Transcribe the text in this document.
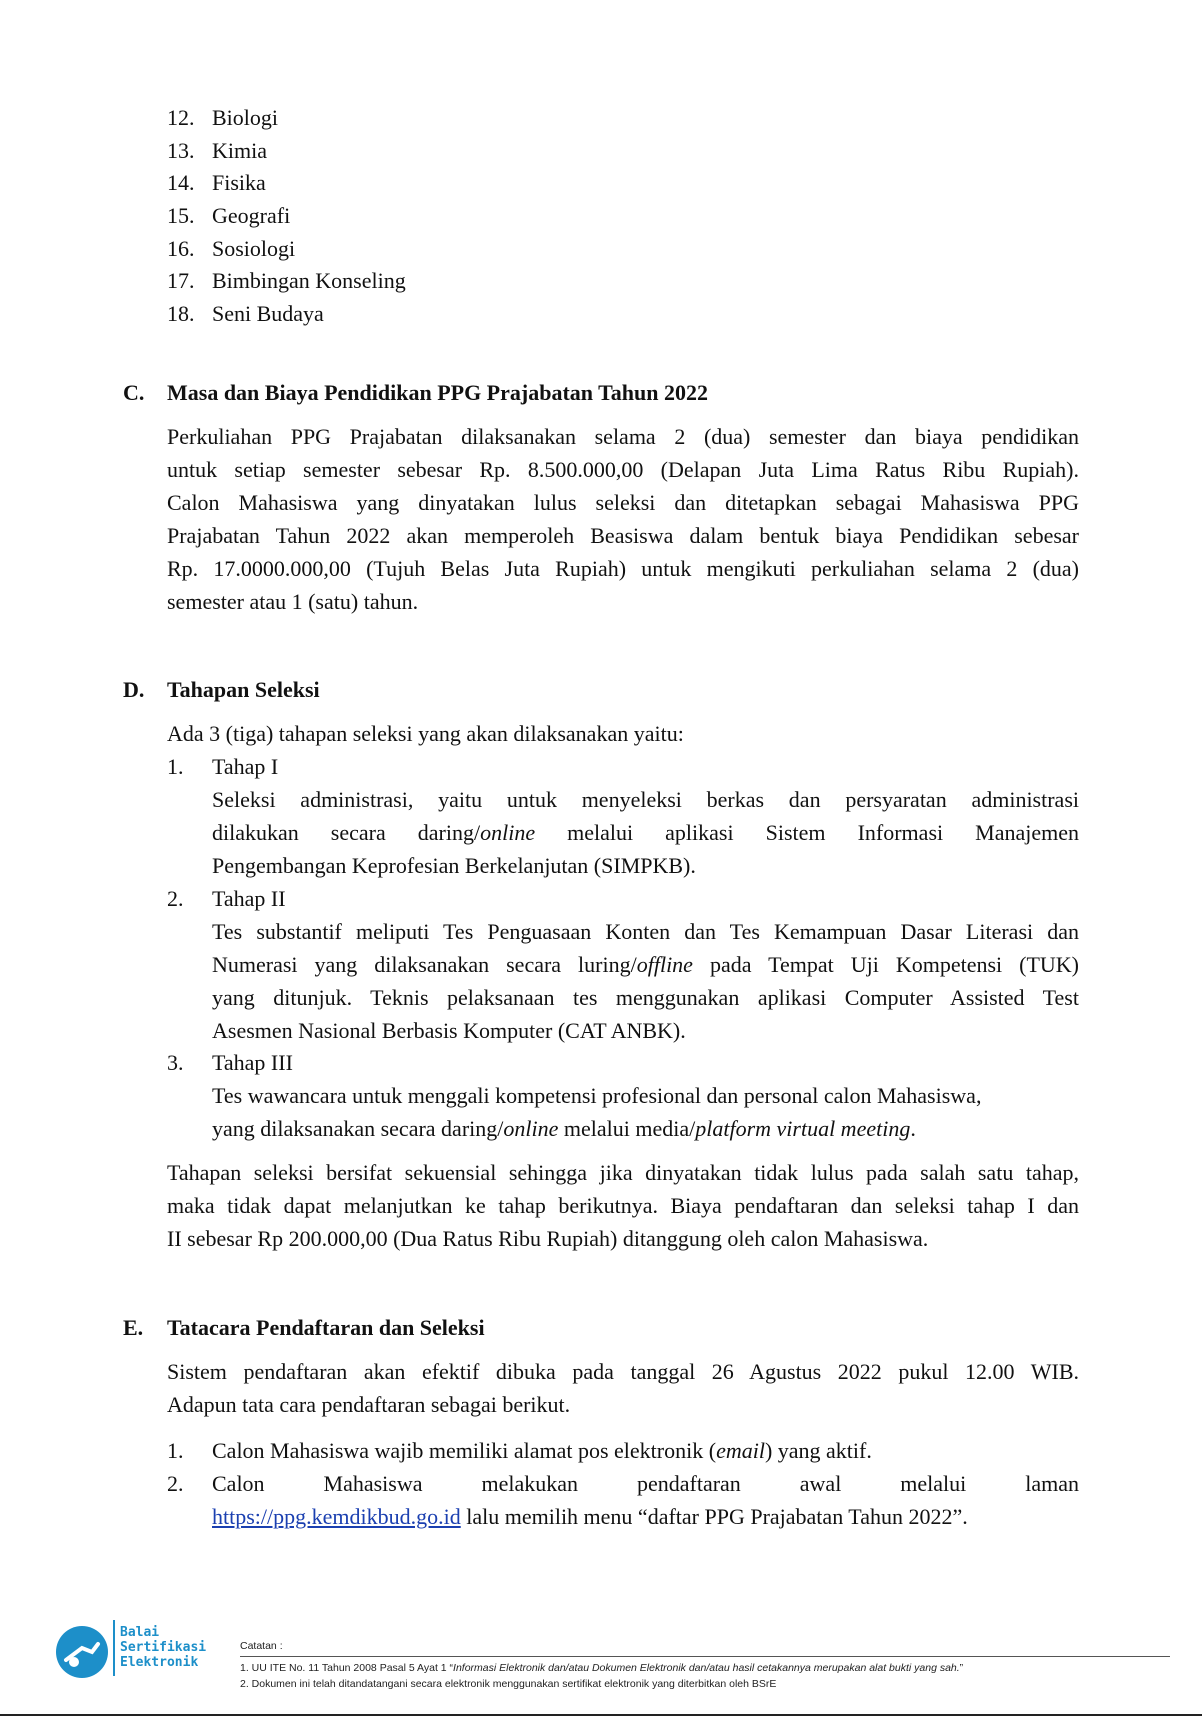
12. Biologi
13. Kimia
14. Fisika
15. Geografi
16. Sosiologi
17. Bimbingan Konseling
18. Seni Budaya
C. Masa dan Biaya Pendidikan PPG Prajabatan Tahun 2022
Perkuliahan PPG Prajabatan dilaksanakan selama 2 (dua) semester dan biaya pendidikan
untuk setiap semester sebesar Rp. 8.500.000,00 (Delapan Juta Lima Ratus Ribu Rupiah).
Calon Mahasiswa yang dinyatakan lulus seleksi dan ditetapkan sebagai Mahasiswa PPG
Prajabatan Tahun 2022 akan memperoleh Beasiswa dalam bentuk biaya Pendidikan sebesar
Rp. 17.0000.000,00 (Tujuh Belas Juta Rupiah) untuk mengikuti perkuliahan selama 2 (dua)
semester atau 1 (satu) tahun.
D. Tahapan Seleksi
Ada 3 (tiga) tahapan seleksi yang akan dilaksanakan yaitu:
1.	Tahap I
Seleksi administrasi, yaitu untuk menyeleksi berkas dan persyaratan administrasi
dilakukan secara daring/online melalui aplikasi Sistem Informasi Manajemen
Pengembangan Keprofesian Berkelanjutan (SIMPKB).
2.	Tahap II
Tes substantif meliputi Tes Penguasaan Konten dan Tes Kemampuan Dasar Literasi dan
Numerasi yang dilaksanakan secara luring/offline pada Tempat Uji Kompetensi (TUK)
yang ditunjuk. Teknis pelaksanaan tes menggunakan aplikasi Computer Assisted Test
Asesmen Nasional Berbasis Komputer (CAT ANBK).
3.	Tahap III
Tes wawancara untuk menggali kompetensi profesional dan personal calon Mahasiswa,
yang dilaksanakan secara daring/online melalui media/platform virtual meeting.
Tahapan seleksi bersifat sekuensial sehingga jika dinyatakan tidak lulus pada salah satu tahap,
maka tidak dapat melanjutkan ke tahap berikutnya. Biaya pendaftaran dan seleksi tahap I dan
II sebesar Rp 200.000,00 (Dua Ratus Ribu Rupiah) ditanggung oleh calon Mahasiswa.
E. Tatacara Pendaftaran dan Seleksi
Sistem pendaftaran akan efektif dibuka pada tanggal 26 Agustus 2022 pukul 12.00 WIB.
Adapun tata cara pendaftaran sebagai berikut.
1.	Calon Mahasiswa wajib memiliki alamat pos elektronik (email) yang aktif.
2.	Calon Mahasiswa melakukan pendaftaran awal melalui laman
https://ppg.kemdikbud.go.id lalu memilih menu “daftar PPG Prajabatan Tahun 2022”.
Balai
Sertifikasi
Elektronik
Catatan :
1. UU ITE No. 11 Tahun 2008 Pasal 5 Ayat 1 “Informasi Elektronik dan/atau Dokumen Elektronik dan/atau hasil cetakannya merupakan alat bukti yang sah.”
2. Dokumen ini telah ditandatangani secara elektronik menggunakan sertifikat elektronik yang diterbitkan oleh BSrE
